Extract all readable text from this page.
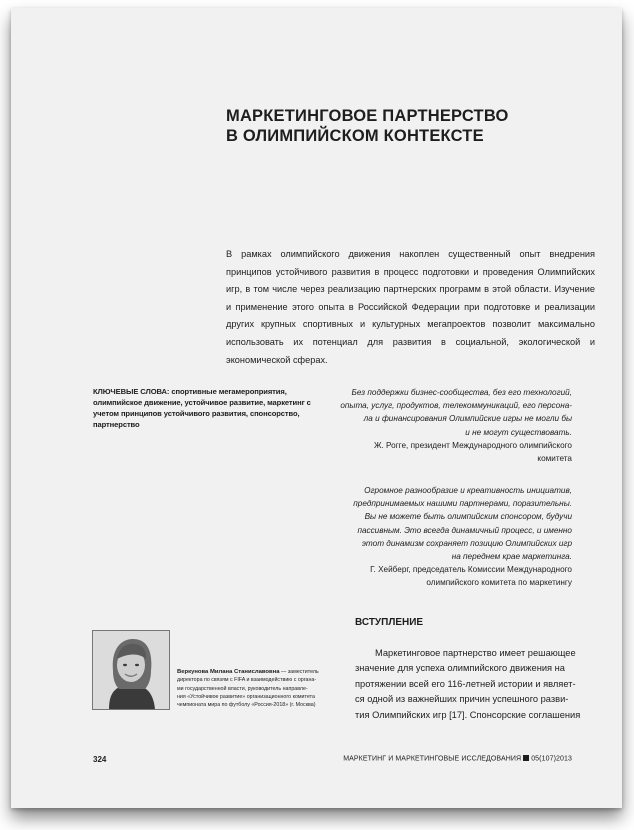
МАРКЕТИНГОВОЕ ПАРТНЕРСТВО
В ОЛИМПИЙСКОМ КОНТЕКСТЕ
В рамках олимпийского движения накоплен существенный опыт внедрения принципов устойчивого развития в процесс подготовки и проведения Олимпийских игр, в том числе через реализацию партнерских программ в этой области. Изучение и применение этого опыта в Российской Федерации при подготовке и реализации других крупных спортивных и культурных мегапроектов позволит максимально использовать их потенциал для развития в социальной, экологической и экономической сферах.
КЛЮЧЕВЫЕ СЛОВА: спортивные мегамероприятия, олимпийское движение, устойчивое развитие, маркетинг с учетом принципов устойчивого развития, спонсорство, партнерство
Без поддержки бизнес-сообщества, без его технологий,
опыта, услуг, продуктов, телекоммуникаций, его персона-
ла и финансирования Олимпийские игры не могли бы
и не могут существовать.
Ж. Рогге, президент Международного олимпийского
комитета
Огромное разнообразие и креативность инициатив,
предпринимаемых нашими партнерами, поразительны.
Вы не можете быть олимпийским спонсором, будучи
пассивным. Это всегда динамичный процесс, и именно
этот динамизм сохраняет позицию Олимпийских игр
на переднем крае маркетинга.
Г. Хейберг, председатель Комиссии Международного
олимпийского комитета по маркетингу
ВСТУПЛЕНИЕ
Маркетинговое партнерство имеет решающее
значение для успеха олимпийского движения на
протяжении всей его 116-летней истории и являет-
ся одной из важнейших причин успешного разви-
тия Олимпийских игр [17]. Спонсорские соглашения
Веркунова Милана Станиславовна — заместитель
директора по связям с FIFA и взаимодействию с органа-
ми государственной власти, руководитель направле-
ния «Устойчивое развитие» организационного комитета
чемпионата мира по футболу «Россия-2018» (г. Москва)
324	МАРКЕТИНГ И МАРКЕТИНГОВЫЕ ИССЛЕДОВАНИЯ 05(107)2013
